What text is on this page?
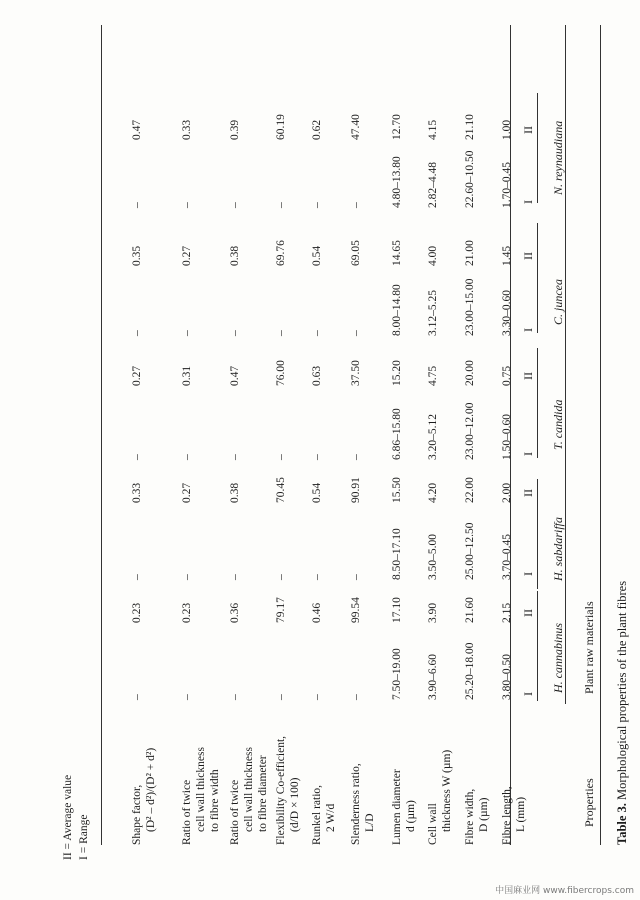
Table 3. Morphological properties of the plant fibres
Properties
Plant raw materials
H. cannabinus
I
II
H. sabdariffa
I
II
T. candida
I
II
C. juncea
I
II
N. reynaudiana
I
II
Fibre length, L (mm)
3.80–0.50
2.15
3.70–0.45
2.00
1.50–0.60
0.75
3.30–0.60
1.45
1.70–0.45
1.00
Fibre width, D (µm)
25.20–18.00
21.60
25.00–12.50
22.00
23.00–12.00
20.00
23.00–15.00
21.00
22.60–10.50
21.10
Cell wall thickness W (µm)
3.90–6.60
3.90
3.50–5.00
4.20
3.20–5.12
4.75
3.12–5.25
4.00
2.82–4.48
4.15
Lumen diameter d (µm)
7.50–19.00
17.10
8.50–17.10
15.50
6.86–15.80
15.20
8.00–14.80
14.65
4.80–13.80
12.70
Slenderness ratio, L/D
–
99.54
–
90.91
–
37.50
–
69.05
–
47.40
Runkel ratio, 2 W/d
–
0.46
–
0.54
–
0.63
–
0.54
–
0.62
Flexibility Co-efficient, (d/D × 100)
–
79.17
–
70.45
–
76.00
–
69.76
–
60.19
Ratio of twice cell wall thickness to fibre diameter
–
0.36
–
0.38
–
0.47
–
0.38
–
0.39
Ratio of twice cell wall thickness to fibre width
–
0.23
–
0.27
–
0.31
–
0.27
–
0.33
Shape factor, (D² – d²)/(D² + d²)
–
0.23
–
0.33
–
0.27
–
0.35
–
0.47
I = Range
II = Average value
中国麻业网 www.fibercrops.com
